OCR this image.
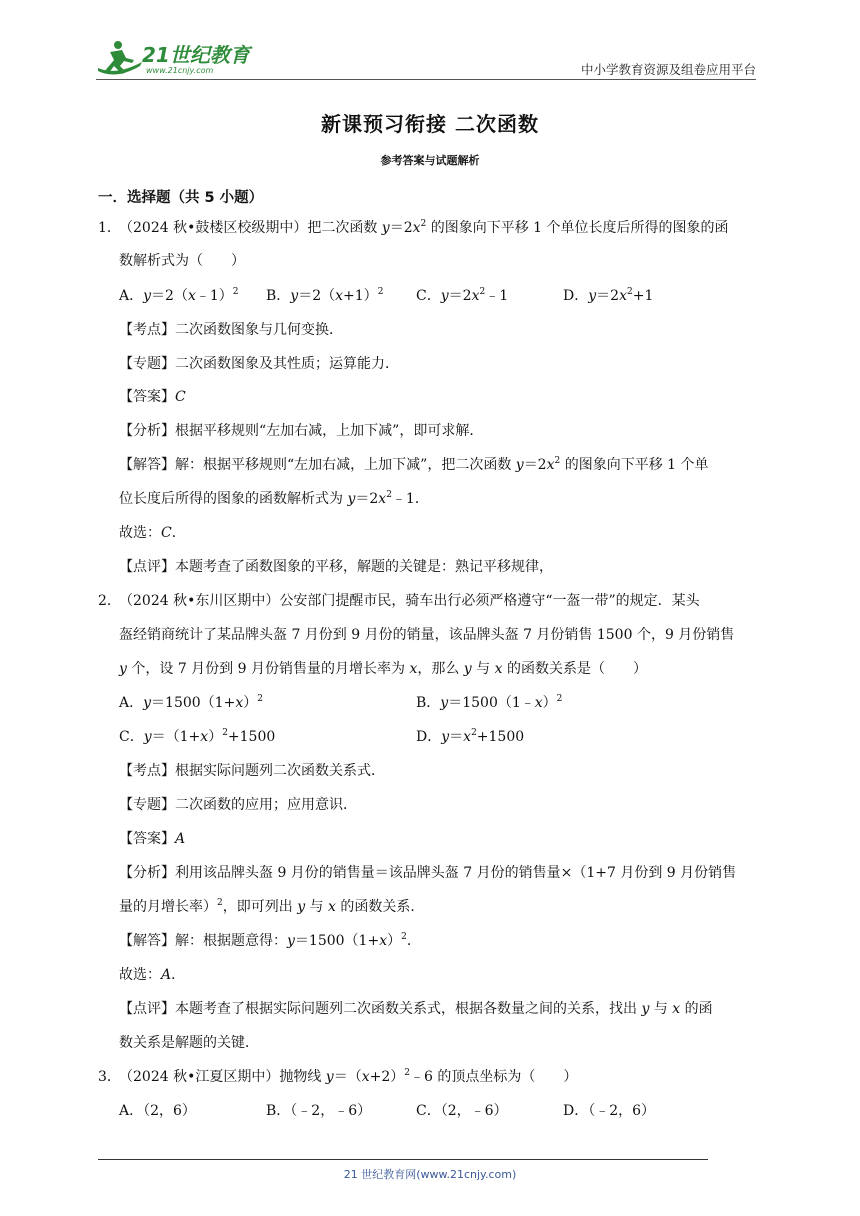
21世纪教育
www.21cnjy.com	中小学教育资源及组卷应用平台
新课预习衔接 二次函数
参考答案与试题解析
一．选择题（共 5 小题）
1．
（2024 秋•鼓楼区校级期中）把二次函数 $y=2x^2$ 的图象向下平移 1 个单位长度后所得的图象的函
数解析式为（　　）
A．y＝2（x﹣1）$^2$ B．$y=2(x+1)^2$ C．$y=2x^2﹣1$	D．$y=2x^2+1$
【考点】二次函数图象与几何变换．
【专题】二次函数图象及其性质；运算能力．
【答案】C
【分析】根据平移规则“左加右减，上加下减”，即可求解．
【解答】解：根据平移规则“左加右减，上加下减”，把二次函数 $y=2x^2$ 的图象向下平移 1 个单
位长度后所得的图象的函数解析式为 $y=2x^2﹣1$．
故选：C．
【点评】本题考查了函数图象的平移，解题的关键是：熟记平移规律，
2．
（2024 秋•东川区期中）公安部门提醒市民，骑车出行必须严格遵守“一盔一带”的规定．某头
盔经销商统计了某品牌头盔 7 月份到 9 月份的销量，该品牌头盔 7 月份销售 1500 个，9 月份销售
y 个，设 7 月份到 9 月份销售量的月增长率为 x，那么 y 与 x 的函数关系是（　　）
A．$y=1500(1+x)^2$	B．y＝1500（1﹣x）$^2$
C．$y=(1+x)^2+1500$	D．$y=x^2+1500$
【考点】根据实际问题列二次函数关系式．
【专题】二次函数的应用；应用意识．
【答案】A
【分析】利用该品牌头盔 9 月份的销售量＝该品牌头盔 7 月份的销售量×（1+7 月份到 9 月份销售
量的月增长率）$^2$，即可列出 y 与 x 的函数关系．
【解答】解：根据题意得：$y=1500(1+x)^2$．
故选：A．
【点评】本题考查了根据实际问题列二次函数关系式，根据各数量之间的关系，找出 y 与 x 的函
数关系是解题的关键．
3．
（2024 秋•江夏区期中）抛物线 $y=(x+2)^2﹣6$ 的顶点坐标为（　　）
A．（2，6）	B．（﹣2，﹣6）	C．（2，﹣6）	D．（﹣2，6）
21 世纪教育网(www.21cnjy.com)
